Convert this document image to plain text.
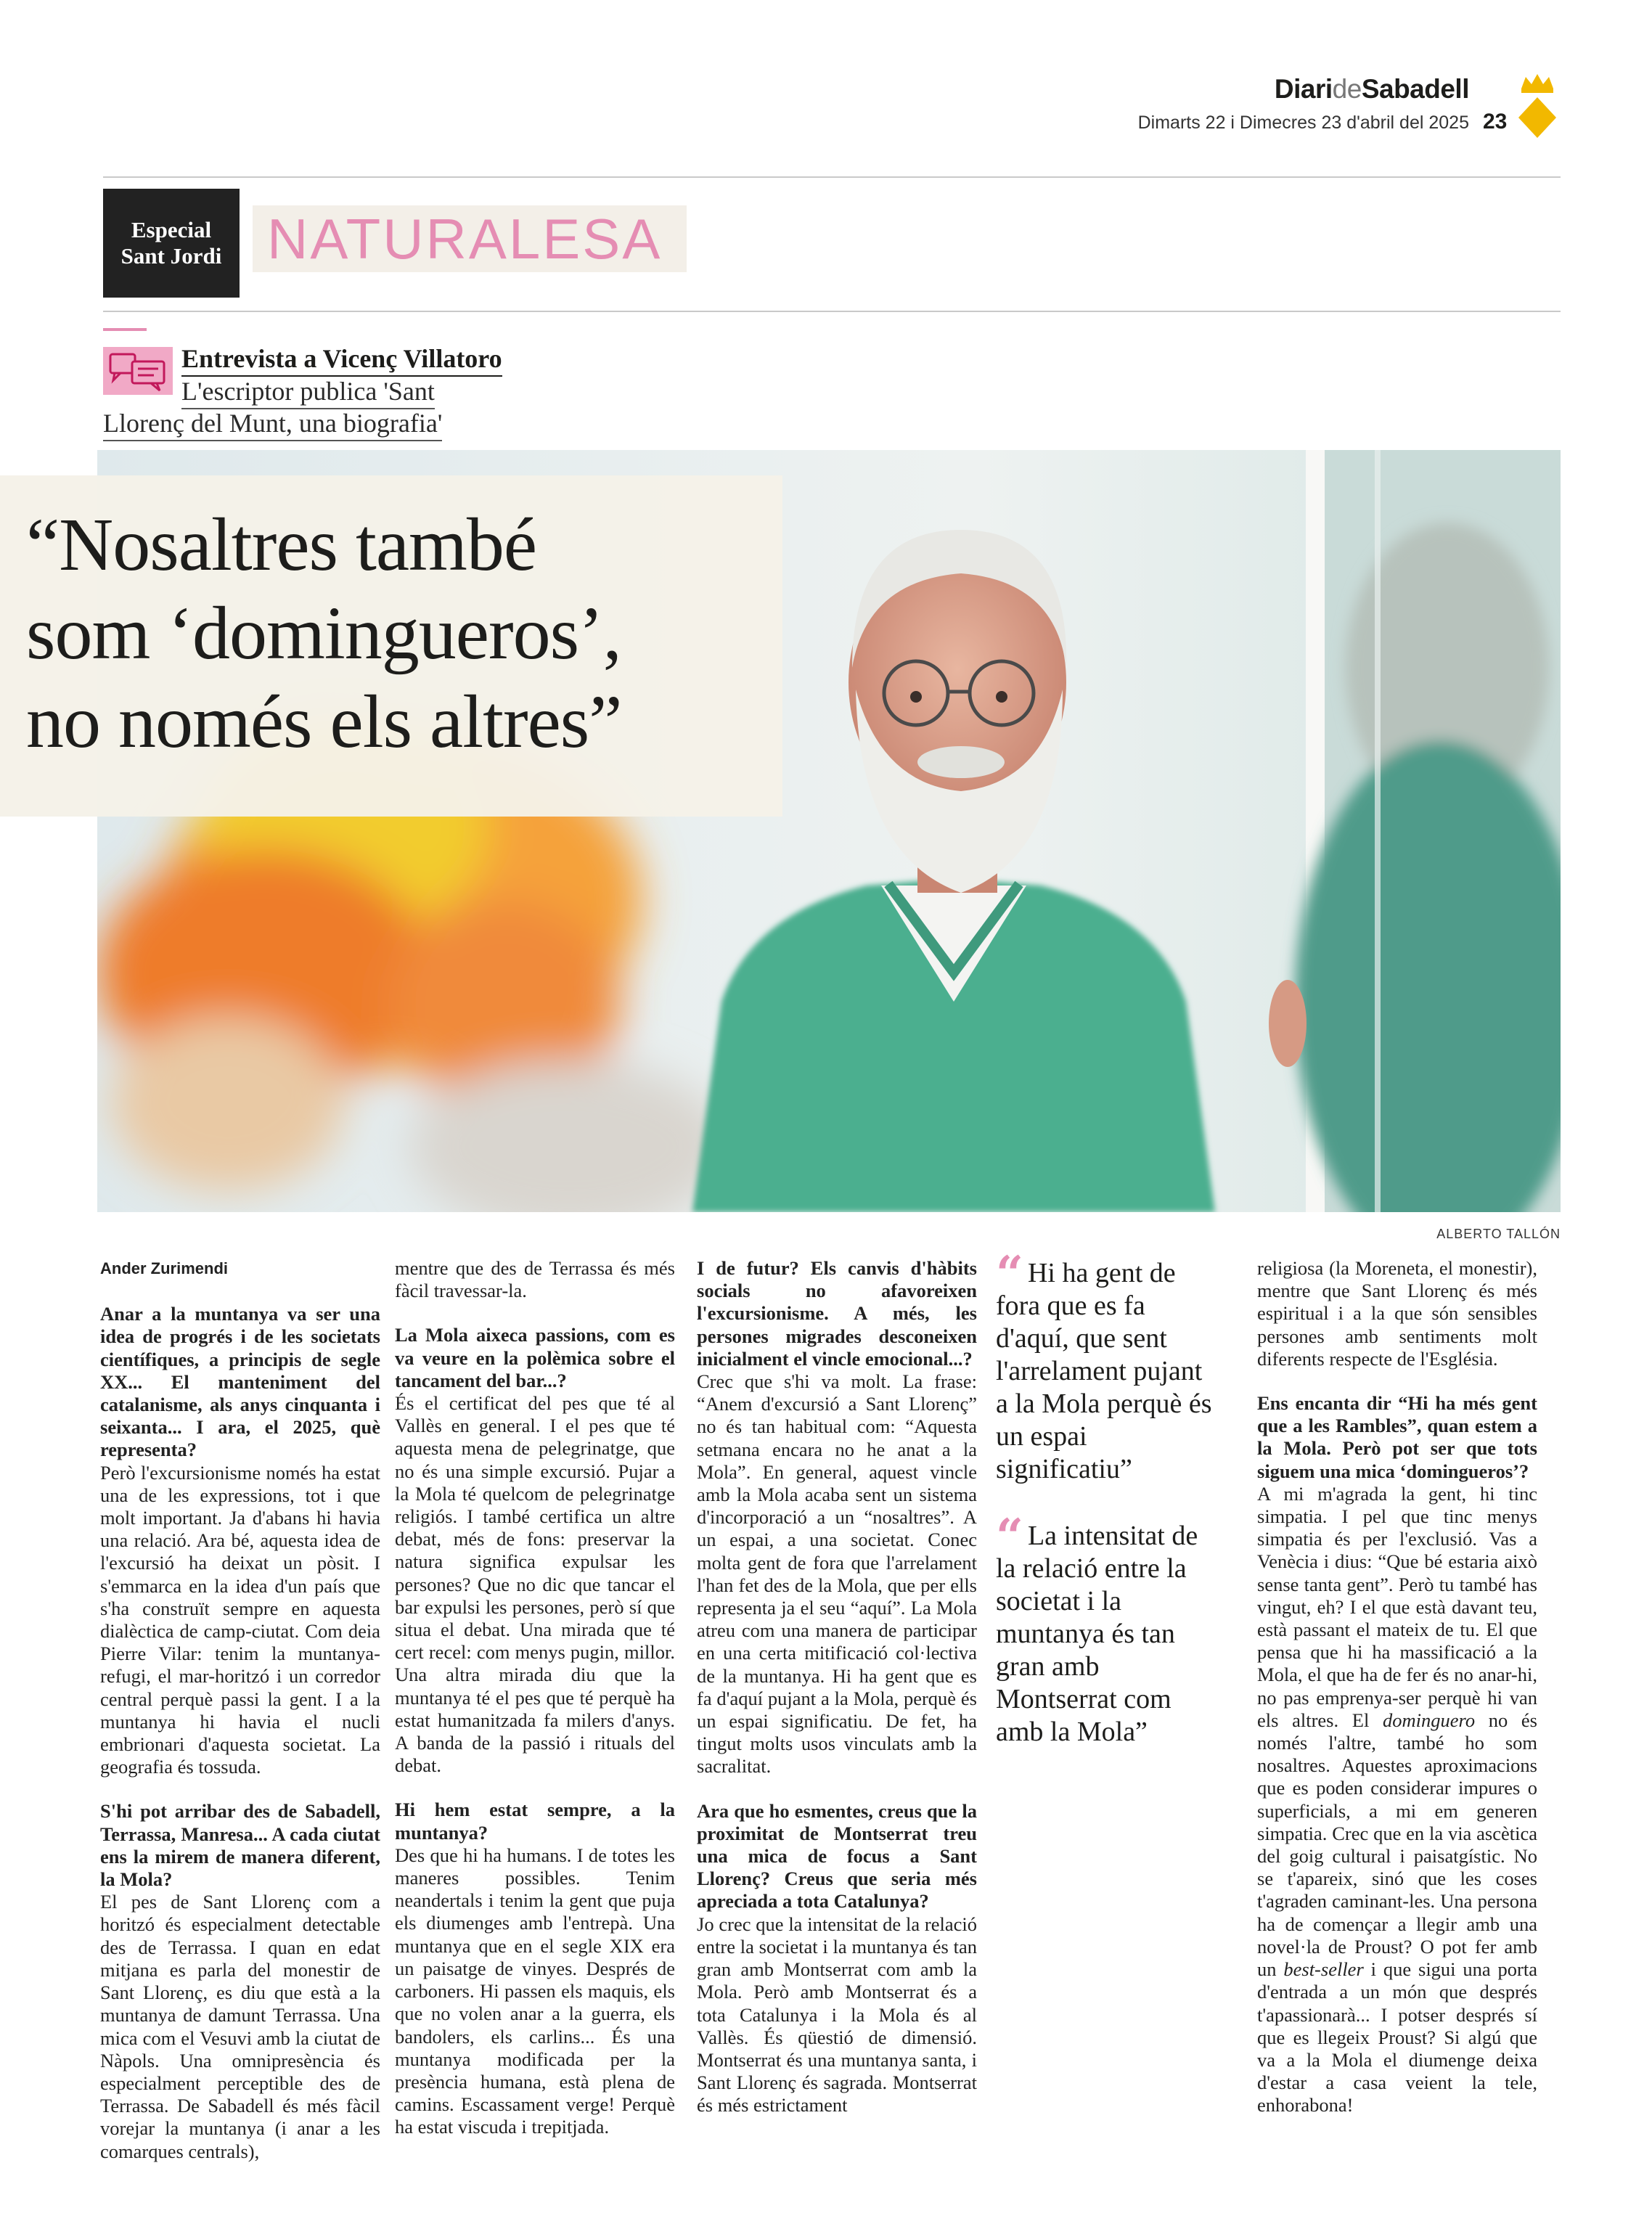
DiarideSabadell
Dimarts 22 i Dimecres 23 d'abril del 2025 23
Especial
Sant Jordi NATURALESA
Entrevista a Vicenç Villatoro
L'escriptor publica 'Sant
Llorenç del Munt, una biografia'
ALBERTO TALLÓN
“Nosaltres també
som ‘domingueros’,
no només els altres”

Ander Zurimendi

Anar a la muntanya va ser una idea de progrés i de les societats científiques, a principis de segle XX... El manteniment del catalanisme, als anys cinquanta i seixanta... I ara, el 2025, què representa?

Però l'excursionisme només ha estat una de les expressions, tot i que molt important. Ja d'abans hi havia una relació. Ara bé, aquesta idea de l'excursió ha deixat un pòsit. I s'emmarca en la idea d'un país que s'ha construït sempre en aquesta dialèctica de camp-ciutat. Com deia Pierre Vilar: tenim la muntanya-refugi, el mar-horitzó i un corredor central perquè passi la gent. I a la muntanya hi havia el nucli embrionari d'aquesta societat. La geografia és tossuda.

S'hi pot arribar des de Sabadell, Terrassa, Manresa... A cada ciutat ens la mirem de manera diferent, la Mola?

El pes de Sant Llorenç com a horitzó és especialment detectable des de Terrassa. I quan en edat mitjana es parla del monestir de Sant Llorenç, es diu que està a la muntanya de damunt Terrassa. Una mica com el Vesuvi amb la ciutat de Nàpols. Una omnipresència és especialment perceptible des de Terrassa. De Sabadell és més fàcil vorejar la muntanya (i anar a les comarques centrals),

mentre que des de Terrassa és més fàcil travessar-la.

La Mola aixeca passions, com es va veure en la polèmica sobre el tancament del bar...?

És el certificat del pes que té al Vallès en general. I el pes que té aquesta mena de pelegrinatge, que no és una simple excursió. Pujar a la Mola té quelcom de pelegrinatge religiós. I també certifica un altre debat, més de fons: preservar la natura significa expulsar les persones? Que no dic que tancar el bar expulsi les persones, però sí que situa el debat. Una mirada que té cert recel: com menys pugin, millor. Una altra mirada diu que la muntanya té el pes que té perquè ha estat humanitzada fa milers d'anys. A banda de la passió i rituals del debat.

Hi hem estat sempre, a la muntanya?

Des que hi ha humans. I de totes les maneres possibles. Tenim neandertals i tenim la gent que puja els diumenges amb l'entrepà. Una muntanya que en el segle XIX era un paisatge de vinyes. Després de carboners. Hi passen els maquis, els que no volen anar a la guerra, els bandolers, els carlins... És una muntanya modificada per la presència humana, està plena de camins. Escassament verge! Perquè ha estat viscuda i trepitjada.

I de futur? Els canvis d'hàbits socials no afavoreixen l'excursionisme. A més, les persones migrades desconeixen inicialment el vincle emocional...?

Crec que s'hi va molt. La frase: “Anem d'excursió a Sant Llorenç” no és tan habitual com: “Aquesta setmana encara no he anat a la Mola”. En general, aquest vincle amb la Mola acaba sent un sistema d'incorporació a un “nosaltres”. A un espai, a una societat. Conec molta gent de fora que l'arrelament l'han fet des de la Mola, que per ells representa ja el seu “aquí”. La Mola atreu com una manera de participar en una certa mitificació col·lectiva de la muntanya. Hi ha gent que es fa d'aquí pujant a la Mola, perquè és un espai significatiu. De fet, ha tingut molts usos vinculats amb la sacralitat.

Ara que ho esmentes, creus que la proximitat de Montserrat treu una mica de focus a Sant Llorenç? Creus que seria més apreciada a tota Catalunya?

Jo crec que la intensitat de la relació entre la societat i la muntanya és tan gran amb Montserrat com amb la Mola. Però amb Montserrat és a tota Catalunya i la Mola és al Vallès. És qüestió de dimensió. Montserrat és una muntanya santa, i Sant Llorenç és sagrada. Montserrat és més estrictament

“ Hi ha gent de fora que es fa d'aquí, que sent l'arrelament pujant a la Mola perquè és un espai significatiu”
“ La intensitat de la relació entre la societat i la muntanya és tan gran amb Montserrat com amb la Mola”

religiosa (la Moreneta, el monestir), mentre que Sant Llorenç és més espiritual i a la que són sensibles persones amb sentiments molt diferents respecte de l'Església.

Ens encanta dir “Hi ha més gent que a les Rambles”, quan estem a la Mola. Però pot ser que tots siguem una mica ‘domingueros’?

A mi m'agrada la gent, hi tinc simpatia. I pel que tinc menys simpatia és per l'exclusió. Vas a Venècia i dius: “Que bé estaria això sense tanta gent”. Però tu també has vingut, eh? I el que està davant teu, està passant el mateix de tu. El que pensa que hi ha massificació a la Mola, el que ha de fer és no anar-hi, no pas emprenya-ser perquè hi van els altres. El dominguero no és només l'altre, també ho som nosaltres. Aquestes aproximacions que es poden considerar impures o superficials, a mi em generen simpatia. Crec que en la via ascètica del goig cultural i paisatgístic. No se t'apareix, sinó que les coses t'agraden caminant-les. Una persona ha de començar a llegir amb una novel·la de Proust? O pot fer amb un best-seller i que sigui una porta d'entrada a un món que després t'apassionarà... I potser després sí que es llegeix Proust? Si algú que va a la Mola el diumenge deixa d'estar a casa veient la tele, enhorabona!
